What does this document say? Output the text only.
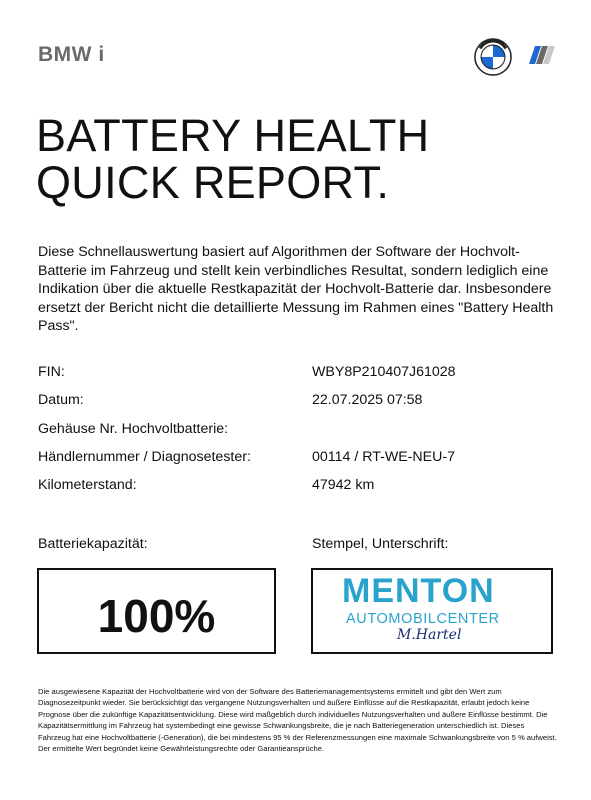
BMW i
BATTERY HEALTH
QUICK REPORT.
Diese Schnellauswertung basiert auf Algorithmen der Software der Hochvolt-Batterie im Fahrzeug und stellt kein verbindliches Resultat, sondern lediglich eine Indikation über die aktuelle Restkapazität der Hochvolt-Batterie dar. Insbesondere ersetzt der Bericht nicht die detaillierte Messung im Rahmen eines "Battery Health Pass".
FIN:	WBY8P210407J61028
Datum:	22.07.2025 07:58
Gehäuse Nr. Hochvoltbatterie:
Händlernummer / Diagnosetester:	00114 / RT-WE-NEU-7
Kilometerstand:	47942 km
Batteriekapazität:	Stempel, Unterschrift:
100%	MENTON
AUTOMOBILCENTER
M.Hartel
Die ausgewiesene Kapazität der Hochvoltbatterie wird von der Software des Batteriemanagementsystems ermittelt und gibt den Wert zum Diagnosezeitpunkt wieder. Sie berücksichtigt das vergangene Nutzungsverhalten und äußere Einflüsse auf die Restkapazität, erlaubt jedoch keine Prognose über die zukünftige Kapazitätsentwicklung. Diese wird maßgeblich durch individuelles Nutzungsverhalten und äußere Einflüsse bestimmt. Die Kapazitätsermittlung im Fahrzeug hat systembedingt eine gewisse Schwankungsbreite, die je nach Batteriegeneration unterschiedlich ist. Dieses Fahrzeug hat eine Hochvoltbatterie (-Generation), die bei mindestens 95 % der Referenzmessungen eine maximale Schwankungsbreite von 5 % aufweist. Der ermittelte Wert begründet keine Gewährleistungsrechte oder Garantieansprüche.
